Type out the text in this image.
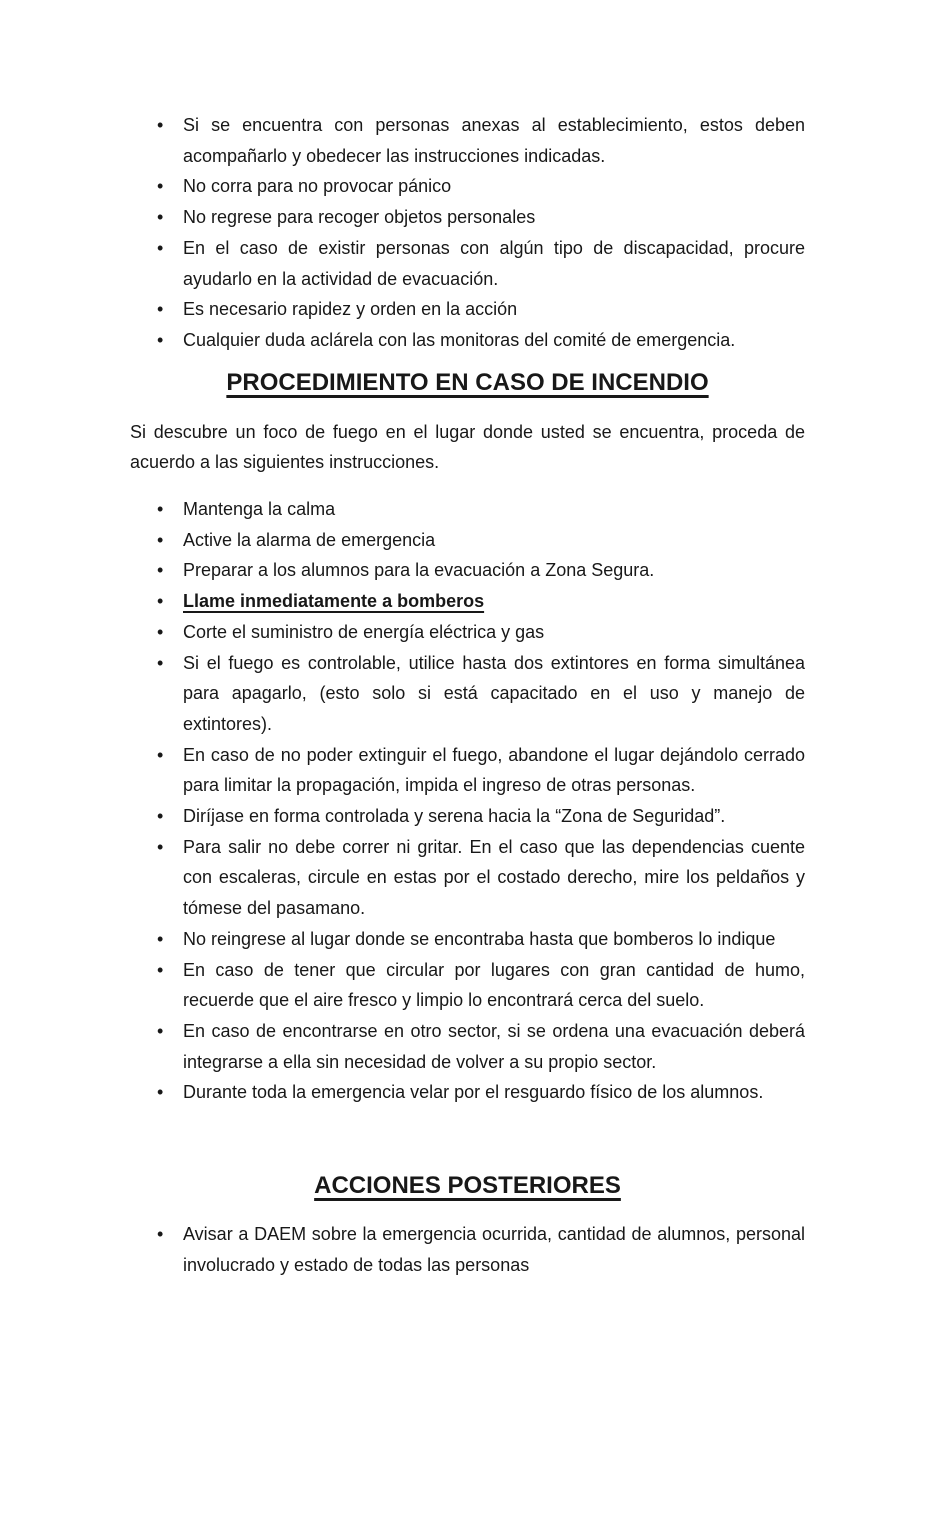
• Si se encuentra con personas anexas al establecimiento, estos deben acompañarlo y obedecer las instrucciones indicadas.
• No corra para no provocar pánico
• No regrese para recoger objetos personales
• En el caso de existir personas con algún tipo de discapacidad, procure ayudarlo en la actividad de evacuación.
• Es necesario rapidez y orden en la acción
• Cualquier duda aclárela con las monitoras del comité de emergencia.
PROCEDIMIENTO EN CASO DE INCENDIO

Si descubre un foco de fuego en el lugar donde usted se encuentra, proceda de acuerdo a las siguientes instrucciones.

• Mantenga la calma
• Active la alarma de emergencia
• Preparar a los alumnos para la evacuación a Zona Segura.
• Llame inmediatamente a bomberos
• Corte el suministro de energía eléctrica y gas
• Si el fuego es controlable, utilice hasta dos extintores en forma simultánea para apagarlo, (esto solo si está capacitado en el uso y manejo de extintores).
• En caso de no poder extinguir el fuego, abandone el lugar dejándolo cerrado para limitar la propagación, impida el ingreso de otras personas.
• Diríjase en forma controlada y serena hacia la “Zona de Seguridad”.
• Para salir no debe correr ni gritar. En el caso que las dependencias cuente con escaleras, circule en estas por el costado derecho, mire los peldaños y tómese del pasamano.
• No reingrese al lugar donde se encontraba hasta que bomberos lo indique
• En caso de tener que circular por lugares con gran cantidad de humo, recuerde que el aire fresco y limpio lo encontrará cerca del suelo.
• En caso de encontrarse en otro sector, si se ordena una evacuación deberá integrarse a ella sin necesidad de volver a su propio sector.
• Durante toda la emergencia velar por el resguardo físico de los alumnos.
ACCIONES POSTERIORES
• Avisar a DAEM sobre la emergencia ocurrida, cantidad de alumnos, personal involucrado y estado de todas las personas
